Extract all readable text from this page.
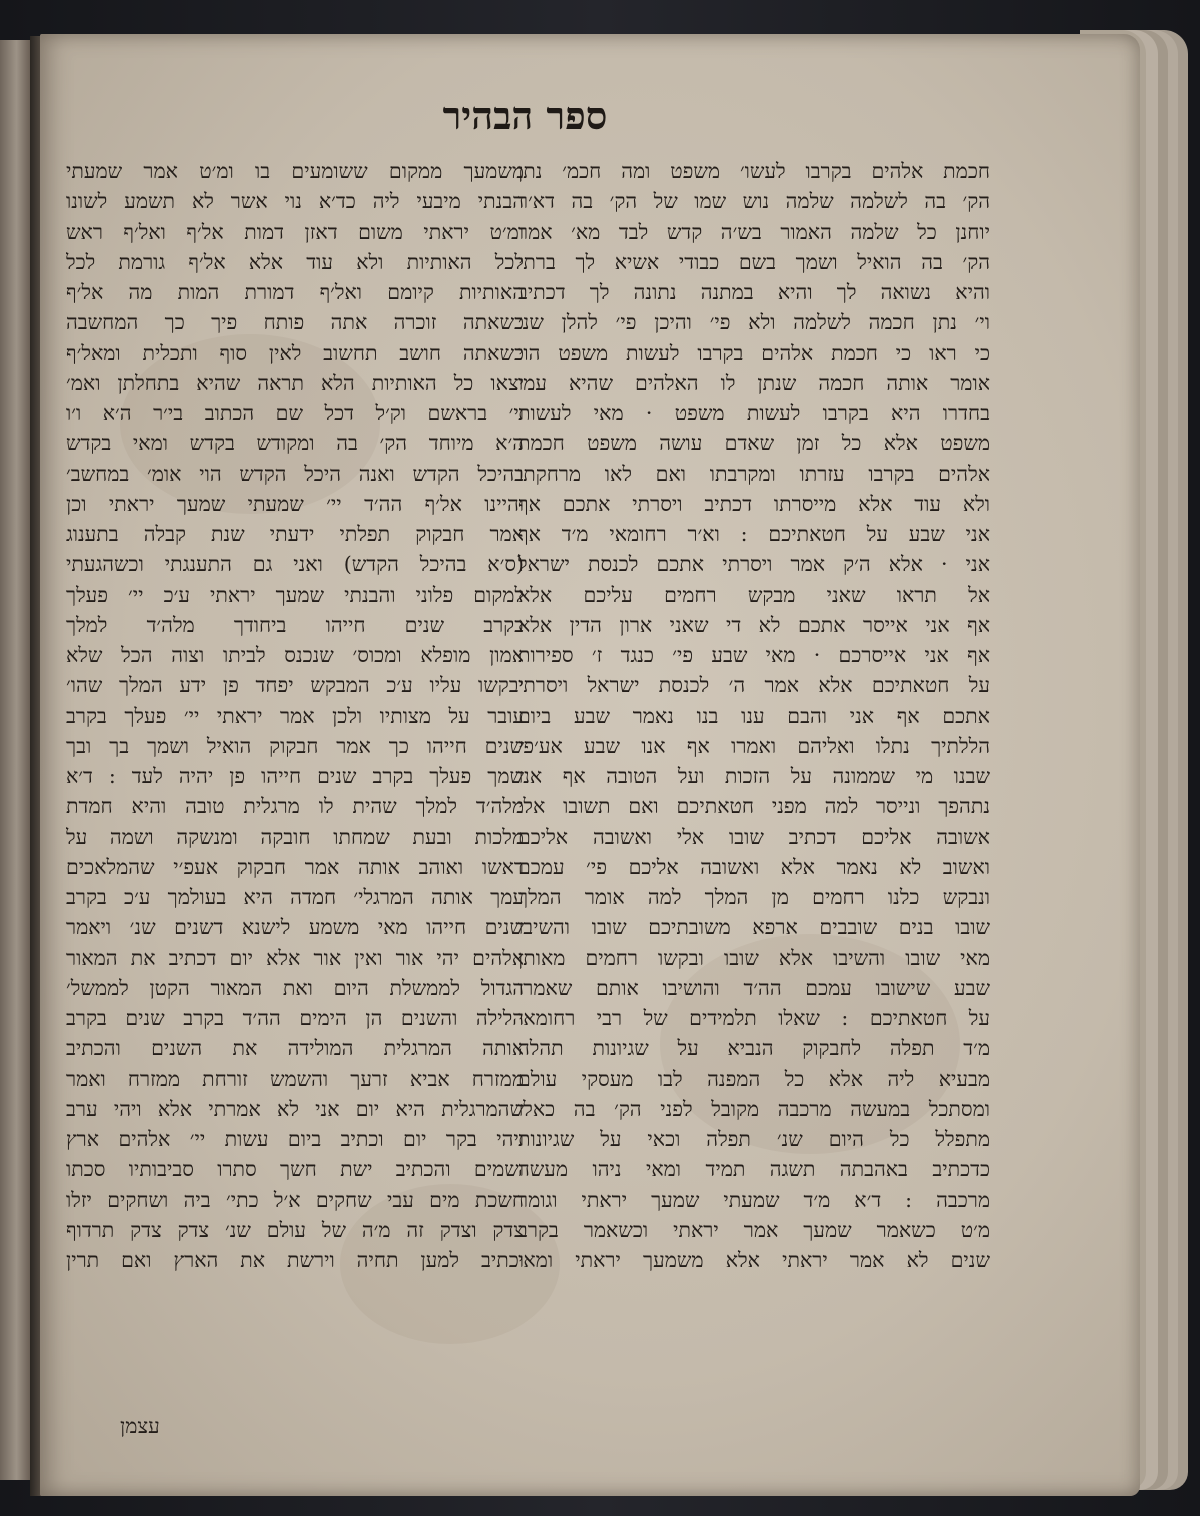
ספר הבהיר
חכמת אלהים בקרבו לעשו׳ משפט ומה חכמ׳ נתן
הק׳ בה לשלמה שלמה נוש שמו של הק׳ בה דא׳ר
יוחנן כל שלמה האמור בש׳ה קדש לבד מא׳ אמר
הק׳ בה הואיל ושמך בשם כבודי אשיא לך ברתי
והיא נשואה לך והיא במתנה נתונה לך דכתיב
וי׳ נתן חכמה לשלמה ולא פי׳ והיכן פי׳ להלן שנ׳
כי ראו כי חכמת אלהים בקרבו לעשות משפט הוי
אומר אותה חכמה שנתן לו האלהים שהיא עמו
בחדרו היא בקרבו לעשות משפט · מאי לעשות
משפט אלא כל זמן שאדם עושה משפט חכמת
אלהים בקרבו עזרתו ומקרבתו ואם לאו מרחקתו
ולא עוד אלא מייסרתו דכתיב ויסרתי אתכם אף
אני שבע על חטאתיכם : וא׳ר רחומאי מ׳ד אף
אני · אלא ה׳ק אמר ויסרתי אתכם לכנסת ישראל
אל תראו שאני מבקש רחמים עליכם אלא
אף אני אייסר אתכם לא די שאני ארון הדין אלא
אף אני אייסרכם · מאי שבע פי׳ כנגד ז׳ ספירות
על חטאתיכם אלא אמר ה׳ לכנסת ישראל ויסרתי
אתכם אף אני והבם ענו בנו נאמר שבע ביום
הללתיך נתלו ואליהם ואמרו אף אנו שבע אע׳פי
שבנו מי שממונה על הזכות ועל הטובה אף אנו
נתהפך ונייסר למה מפני חטאתיכם ואם תשובו אלי
אשובה אליכם דכתיב שובו אלי ואשובה אליכם
ואשוב לא נאמר אלא ואשובה אליכם פי׳ עמכם
ונבקש כלנו רחמים מן המלך למה אומר המלך
שובו בנים שובבים ארפא משובתיכם שובו והשיבו
מאי שובו והשיבו אלא שובו ובקשו רחמים מאותן
שבע שישובו עמכם הה׳ד והושיבו אותם שאמרו
על חטאתיכם : שאלו תלמידים של רבי רחומאי
מ׳ד תפלה לחבקוק הנביא על שגיונות תהלה
מבעיא ליה אלא כל המפנה לבו מעסקי עולם
ומסתכל במעשה מרכבה מקובל לפני הק׳ בה כאלו
מתפלל כל היום שנ׳ תפלה וכאי על שגיונות
כדכתיב באהבתה תשגה תמיד ומאי ניהו מעשה
מרכבה : ד׳א מ׳ד שמעתי שמעך יראתי וגומר
מ׳ט כשאמר שמעך אמר יראתי וכשאמר בקרב
שנים לא אמר יראתי אלא משמעך יראתי ומאי
משמעך ממקום ששומעים בו ומ׳ט אמר שמעתי
הבנתי מיבעי ליה כד׳א נוי אשר לא תשמע לשונו
ומ׳ט יראתי משום דאזן דמות אל׳ף ואל׳ף ראש
לכל האותיות ולא עוד אלא אל׳ף גורמת לכל
האותיות קיומם ואל׳ף דמורת המות מה אל׳ף
כשאתה זוכרה אתה פותח פיך כך המחשבה
כשאתה חושב תחשוב לאין סוף ותכלית ומאל׳ף
יצאו כל האותיות הלא תראה שהיא בתחלתן ואמ׳
וי׳ בראשם וק׳ל דכל שם הכתוב בי׳ר ה׳א ו׳ו
ה׳א מיוחד הק׳ בה ומקודש בקדש ומאי בקדש
בהיכל הקדש ואנה היכל הקדש הוי אומ׳ במחשב׳
והיינו אל׳ף הה׳ד יי׳ שמעתי שמעך יראתי וכן
אמר חבקוק תפלתי ידעתי שנת קבלה בתענוג
(ס׳א בהיכל הקדש) ואני גם התענגתי וכשהגעתי
למקום פלוני והבנתי שמעך יראתי ע׳כ יי׳ פעלך
בקרב שנים חייהו ביחודך מלה׳ד למלך
אמון מופלא ומכוס׳ שנכנס לביתו וצוה הכל שלא
יבקשו עליו ע׳כ המבקש יפחד פן ידע המלך שהו׳
עובר על מצותיו ולכן אמר יראתי יי׳ פעלך בקרב
שנים חייהו כך אמר חבקוק הואיל ושמך בך ובך
שמך פעלך בקרב שנים חייהו פן יהיה לעד : ד׳א
מלה׳ד למלך שהית לו מרגלית טובה והיא חמדת
מלכות ובעת שמחתו חובקה ומנשקה ושמה על
ראשו ואוהב אותה אמר חבקוק אעפ׳י שהמלאכים
עמך אותה המרגלי׳ חמדה היא בעולמך ע׳כ בקרב
שנים חייהו מאי משמע לישנא דשנים שנ׳ ויאמר
אלהים יהי אור ואין אור אלא יום דכתיב את המאור
הגדול לממשלת היום ואת המאור הקטן לממשל׳
הלילה והשנים הן הימים הה׳ד בקרב שנים בקרב
אותה המרגלית המולידה את השנים והכתיב
ממזרח אביא זרעך והשמש זורחת ממזרח ואמר
שהמרגלית היא יום אני לא אמרתי אלא ויהי ערב
ויהי בקר יום וכתיב ביום עשות יי׳ אלהים ארץ
ושמים והכתיב ישת חשך סתרו סביבותיו סכתו
חשכת מים עבי שחקים א׳ל כתי׳ ביה ושחקים יזלו
צדק וצדק זה מ׳ה של עולם שנ׳ צדק צדק תרדוף
וכתיב למען תחיה וירשת את הארץ ואם תרין
עצמן
